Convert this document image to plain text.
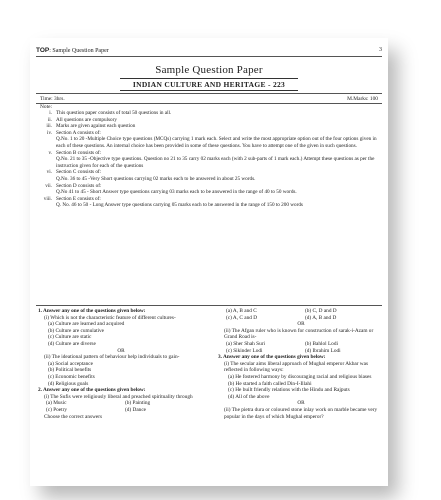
TOP: Sample Question Paper	3
Sample Question Paper
INDIAN CULTURE AND HERITAGE - 223
Time: 3hrs.	M.Marks: 100
Note:
i. This question paper consists of total 50 questions in all.
ii. All questions are compulsory
iii. Marks are given against each question
iv. Section A consists of:
Q.No. 1 to 20 -Multiple Choice type questions (MCQs) carrying 1 mark each. Select and write the most appropriate option out of the four options given in each of these questions. An internal choice has been provided in some of these questions. You have to attempt one of the given in such questions.
v. Section B consists of:
Q.No. 21 to 35 -Objective type questions. Question no 21 to 35 carry 02 marks each (with 2 sub-parts of 1 mark each.) Attempt these questions as per the instruction given for each of the questions
vi. Section C consists of:
Q.No. 36 to 45 -Very Short questions carrying 02 marks each to be answered in about 25 words.
vii. Section D consists of:
Q.No 41 to 45 - Short Answer type questions carrying 03 marks each to be answered in the range of 40 to 50 words.
viii. Section E consists of:
Q. No. 46 to 50 - Long Answer type questions carrying 05 marks each to be answered in the range of 150 to 200 words
1. Answer any one of the questions given below:
(i) Which is not the characteristic feature of different cultures-
(a) Culture are learned and acquired
(b) Culture are cumulative
(c) Culture are static
(d) Culture are diverse
OR
(ii) The ideational pattern of behaviour help individuals to gain-
(a) Social acceptance
(b) Political benefits
(c) Economic benefits
(d) Religious goals
2. Answer any one of the questions given below:
(i) The Sufis were religiously liberal and preached spirituality through
(a) Music	(b) Painting
(c) Poetry	(d) Dance
Choose the correct answers
(a) A, B and C	(b) C, D and D
(c) A, C and D	(d) A, B and D
OR
(ii) The Afgan ruler who is known for construction of sarak-i-Azam or Grand Road is-
(a) Sher Shah Suri	(b) Bahlol Lodi
(c) Sikinder Lodi	(d) Ibrahim Lodi
3. Answer any one of the questions given below:
(i) The secular aims liberal approach of Mughal emperor Akbar was reflected in following ways:
(a) He fostered harmony by discouraging racial and religious biases
(b) He started a faith called Din-I-Illahi
(c) He built friendly relations with the Hindu and Rajputs
(d) All of the above
OR
(ii) The pietra dura or coloured stone inlay work on marble became very popular in the days of which Mughal emperor?
